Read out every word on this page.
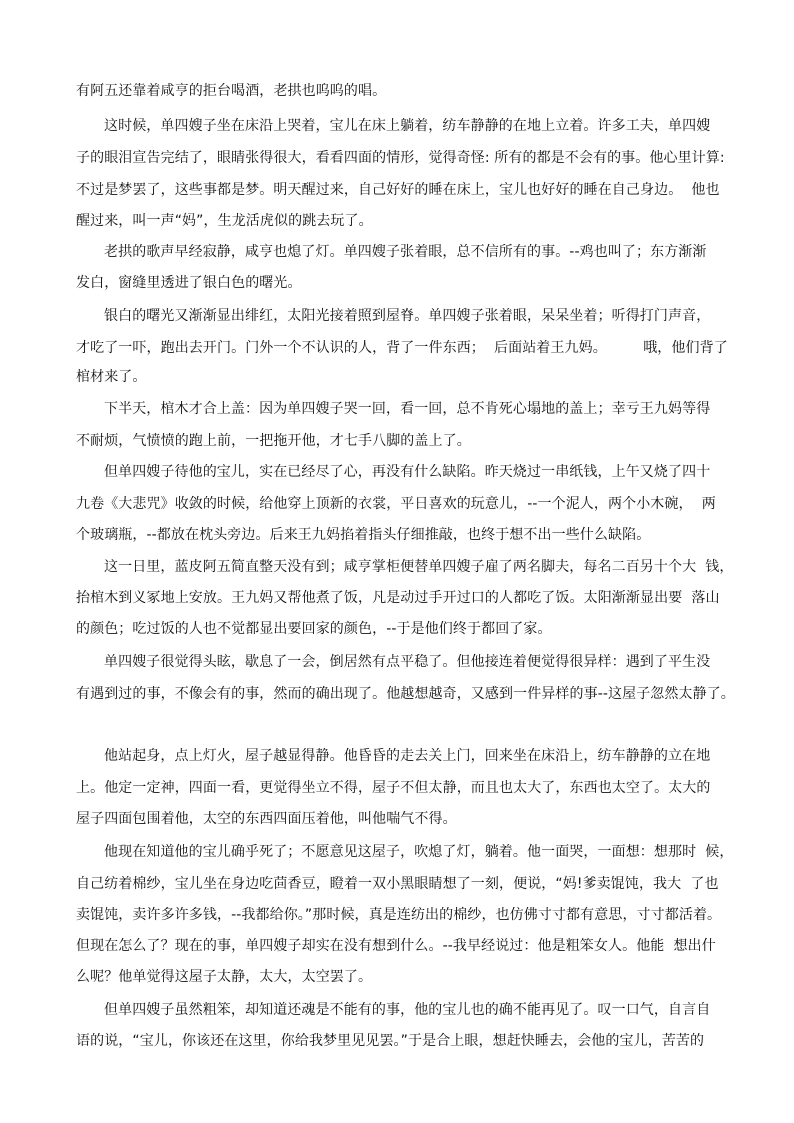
有阿五还靠着咸亨的拒台喝酒，老拱也呜呜的唱。
这时候，单四嫂子坐在床沿上哭着，宝儿在床上躺着，纺车静静的在地上立着。许多工夫，单四嫂
子的眼泪宣告完结了，眼睛张得很大，看看四面的情形，觉得奇怪: 所有的都是不会有的事。他心里计算:
不过是梦罢了，这些事都是梦。明天醒过来，自己好好的睡在床上，宝儿也好好的睡在自己身边。  他也
醒过来，叫一声“妈”，生龙活虎似的跳去玩了。
老拱的歌声早经寂静，咸亨也熄了灯。单四嫂子张着眼，总不信所有的事。--鸡也叫了；东方渐渐
发白，窗缝里透进了银白色的曙光。
银白的曙光又渐渐显出绯红，太阳光接着照到屋脊。单四嫂子张着眼，呆呆坐着；听得打门声音，
才吃了一吓，跑出去开门。门外一个不认识的人，背了一件东西；  后面站着王九妈。        哦，他们背了
棺材来了。
下半天，棺木才合上盖：因为单四嫂子哭一回，看一回，总不肯死心塌地的盖上；幸亏王九妈等得
不耐烦，气愤愤的跑上前，一把拖开他，才七手八脚的盖上了。
但单四嫂子待他的宝儿，实在已经尽了心，再没有什么缺陷。昨天烧过一串纸钱，上午又烧了四十
九卷《大悲咒》收敛的时候，给他穿上顶新的衣裳，平日喜欢的玩意儿，--一个泥人，两个小木碗，  两
个玻璃瓶，--都放在枕头旁边。后来王九妈掐着指头仔细推敲，也终于想不出一些什么缺陷。
这一日里，蓝皮阿五简直整天没有到；咸亨掌柜便替单四嫂子雇了两名脚夫，每名二百另十个大  钱，
抬棺木到义冢地上安放。王九妈又帮他煮了饭，凡是动过手开过口的人都吃了饭。太阳渐渐显出要  落山
的颜色；吃过饭的人也不觉都显出要回家的颜色，--于是他们终于都回了家。
单四嫂子很觉得头眩，歇息了一会，倒居然有点平稳了。但他接连着便觉得很异样：遇到了平生没
有遇到过的事，不像会有的事，然而的确出现了。他越想越奇，又感到一件异样的事--这屋子忽然太静了。
他站起身，点上灯火，屋子越显得静。他昏昏的走去关上门，回来坐在床沿上，纺车静静的立在地
上。他定一定神，四面一看，更觉得坐立不得，屋子不但太静，而且也太大了，东西也太空了。太大的
屋子四面包围着他，太空的东西四面压着他，叫他喘气不得。
他现在知道他的宝儿确乎死了；不愿意见这屋子，吹熄了灯，躺着。他一面哭，一面想：想那时  候，
自己纺着棉纱，宝儿坐在身边吃茴香豆，瞪着一双小黑眼睛想了一刻，便说，“妈!爹卖馄饨，我大  了也
卖馄饨，卖许多许多钱，--我都给你。”那时候，真是连纺出的棉纱，也仿佛寸寸都有意思，寸寸都活着。
但现在怎么了？现在的事，单四嫂子却实在没有想到什么。--我早经说过：他是粗笨女人。他能  想出什
么呢？他单觉得这屋子太静，太大，太空罢了。
但单四嫂子虽然粗笨，却知道还魂是不能有的事，他的宝儿也的确不能再见了。叹一口气，自言自
语的说，“宝儿，你该还在这里，你给我梦里见见罢。”于是合上眼，想赶快睡去，会他的宝儿，苦苦的
